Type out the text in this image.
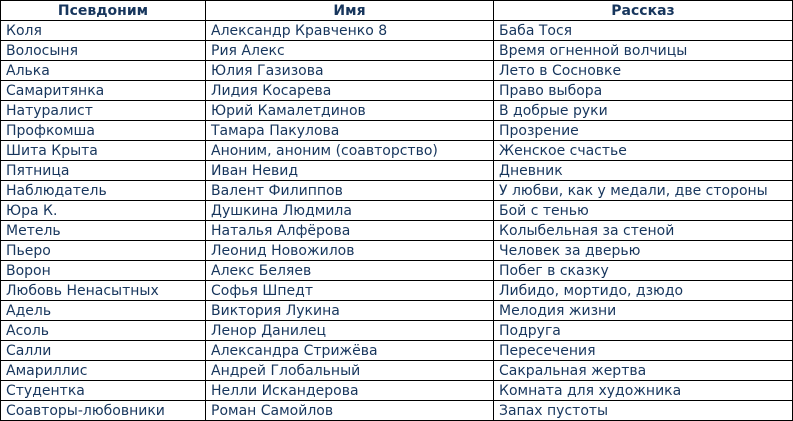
Псевдоним	Имя	Рассказ
Коля	Александр Кравченко 8	Баба Тося
Волосыня	Рия Алекс	Время огненной волчицы
Алька	Юлия Газизова	Лето в Сосновке
Самаритянка	Лидия Косарева	Право выбора
Натуралист	Юрий Камалетдинов	В добрые руки
Профкомша	Тамара Пакулова	Прозрение
Шита Крыта	Аноним, аноним (соавторство)	Женское счастье
Пятница	Иван Невид	Дневник
Наблюдатель	Валент Филиппов	У любви, как у медали, две стороны
Юра К.	Душкина Людмила	Бой с тенью
Метель	Наталья Алфёрова	Колыбельная за стеной
Пьеро	Леонид Новожилов	Человек за дверью
Ворон	Алекс Беляев	Побег в сказку
Любовь Ненасытных	Софья Шпедт	Либидо, мортидо, дзюдо
Адель	Виктория Лукина	Мелодия жизни
Асоль	Ленор Данилец	Подруга
Салли	Александра Стрижёва	Пересечения
Амариллис	Андрей Глобальный	Сакральная жертва
Студентка	Нелли Искандерова	Комната для художника
Соавторы-любовники	Роман Самойлов	Запах пустоты
